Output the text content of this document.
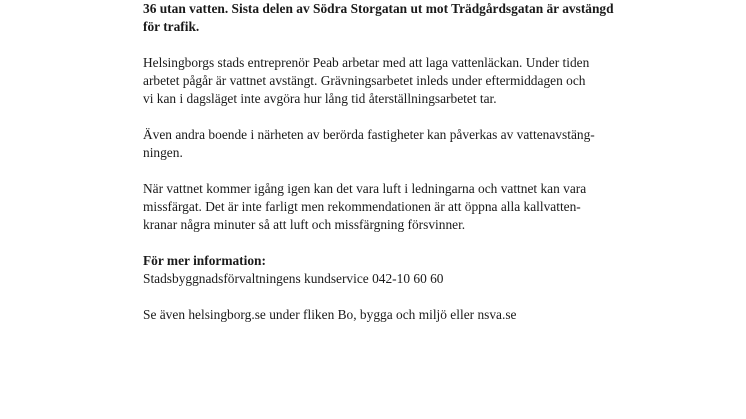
36 utan vatten. Sista delen av Södra Storgatan ut mot Trädgårdsgatan är avstängd
för trafik.
Helsingborgs stads entreprenör Peab arbetar med att laga vattenläckan. Under tiden
arbetet pågår är vattnet avstängt. Grävningsarbetet inleds under eftermiddagen och
vi kan i dagsläget inte avgöra hur lång tid återställningsarbetet tar.
Även andra boende i närheten av berörda fastigheter kan påverkas av vattenavstäng-
ningen.
När vattnet kommer igång igen kan det vara luft i ledningarna och vattnet kan vara
missfärgat. Det är inte farligt men rekommendationen är att öppna alla kallvatten-
kranar några minuter så att luft och missfärgning försvinner.
För mer information:
Stadsbyggnadsförvaltningens kundservice 042-10 60 60
Se även helsingborg.se under fliken Bo, bygga och miljö eller nsva.se
